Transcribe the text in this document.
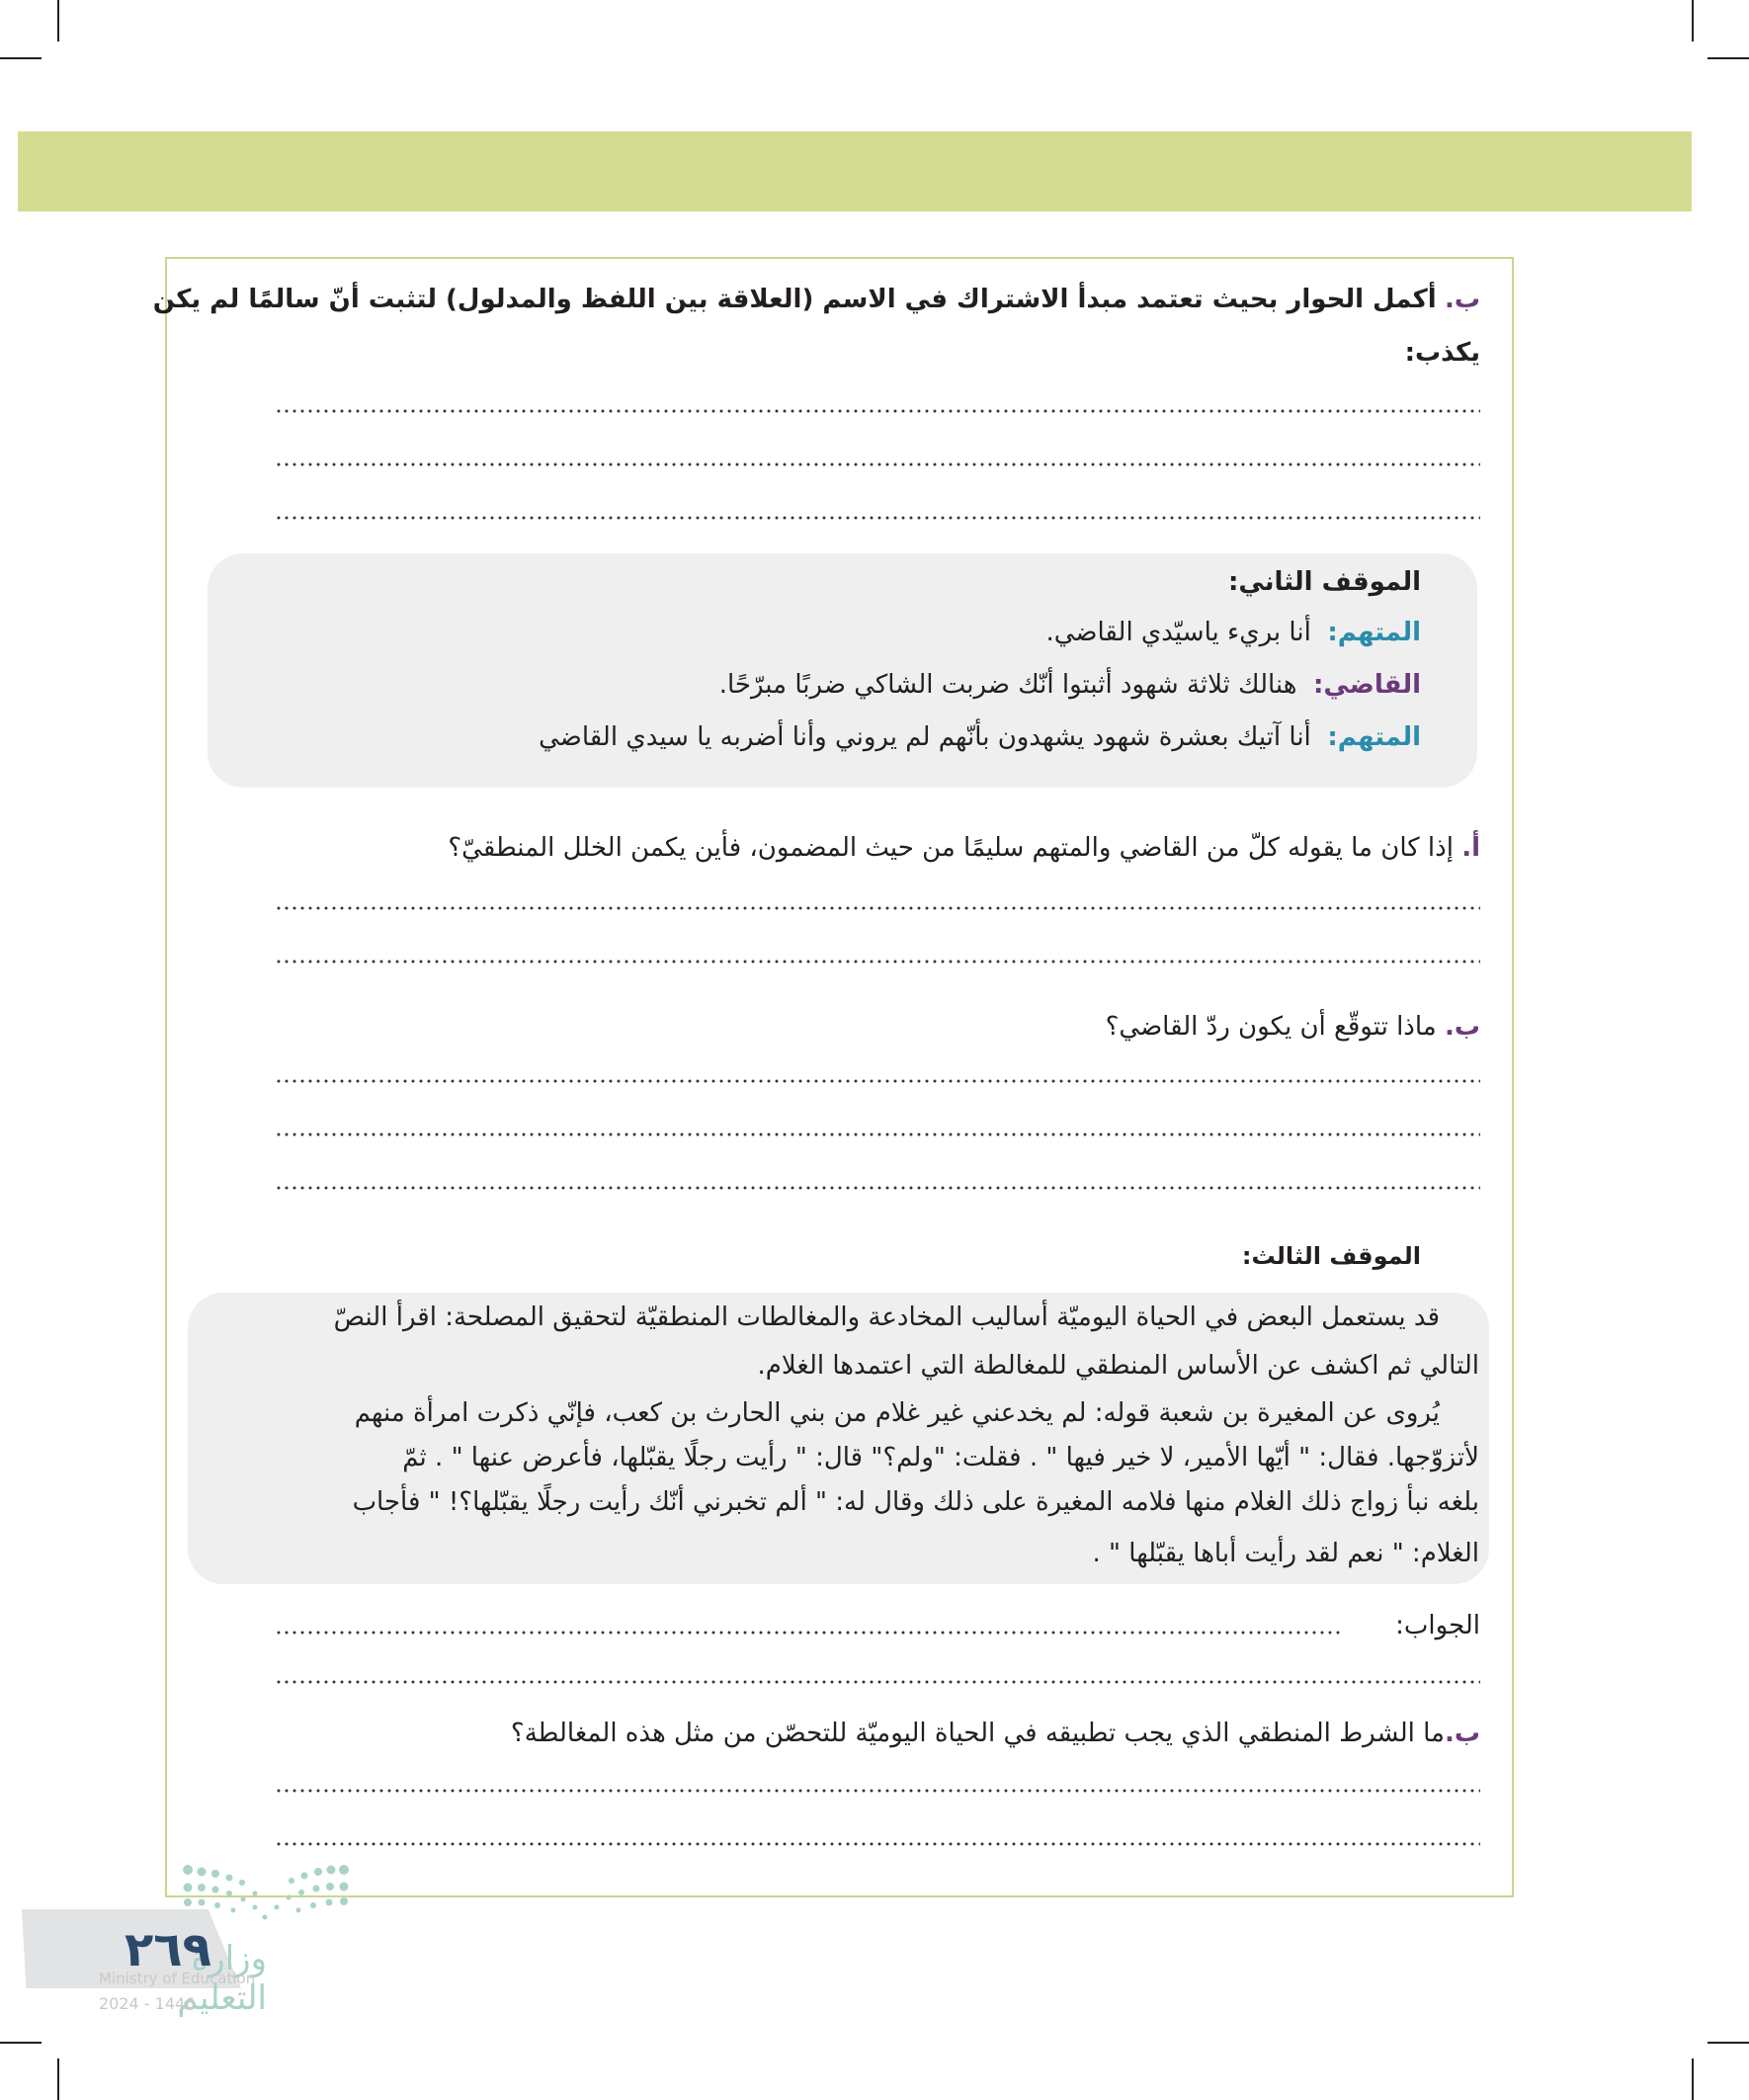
ب. أكمل الحوار بحيث تعتمد مبدأ الاشتراك في الاسم (العلاقة بين اللفظ والمدلول) لتثبت أنّ سالمًا لم يكن
يكذب:
الموقف الثاني:
المتهم:  أنا بريء ياسيّدي القاضي.
القاضي:  هنالك ثلاثة شهود أثبتوا أنّك ضربت الشاكي ضربًا مبرّحًا.
المتهم:  أنا آتيك بعشرة شهود يشهدون بأنّهم لم يروني وأنا أضربه يا سيدي القاضي
أ. إذا كان ما يقوله كلّ من القاضي والمتهم سليمًا من حيث المضمون، فأين يكمن الخلل المنطقيّ؟
ب. ماذا تتوقّع أن يكون ردّ القاضي؟
الموقف الثالث:
قد يستعمل البعض في الحياة اليوميّة أساليب المخادعة والمغالطات المنطقيّة لتحقيق المصلحة: اقرأ النصّ
التالي ثم اكشف عن الأساس المنطقي للمغالطة التي اعتمدها الغلام.
يُروى عن المغيرة بن شعبة قوله: لم يخدعني غير غلام من بني الحارث بن كعب، فإنّي ذكرت امرأة منهم
لأتزوّجها. فقال: " أيّها الأمير، لا خير فيها " . فقلت: "ولم؟" قال: " رأيت رجلًا يقبّلها، فأعرض عنها " . ثمّ
بلغه نبأ زواج ذلك الغلام منها فلامه المغيرة على ذلك وقال له: " ألم تخبرني أنّك رأيت رجلًا يقبّلها؟! " فأجاب
الغلام: " نعم لقد رأيت أباها يقبّلها " .
الجواب:
ب.ما الشرط المنطقي الذي يجب تطبيقه في الحياة اليوميّة للتحصّن من مثل هذه المغالطة؟
وزارة التعليم
٢٦٩
Ministry of Education
2024 - 1446
